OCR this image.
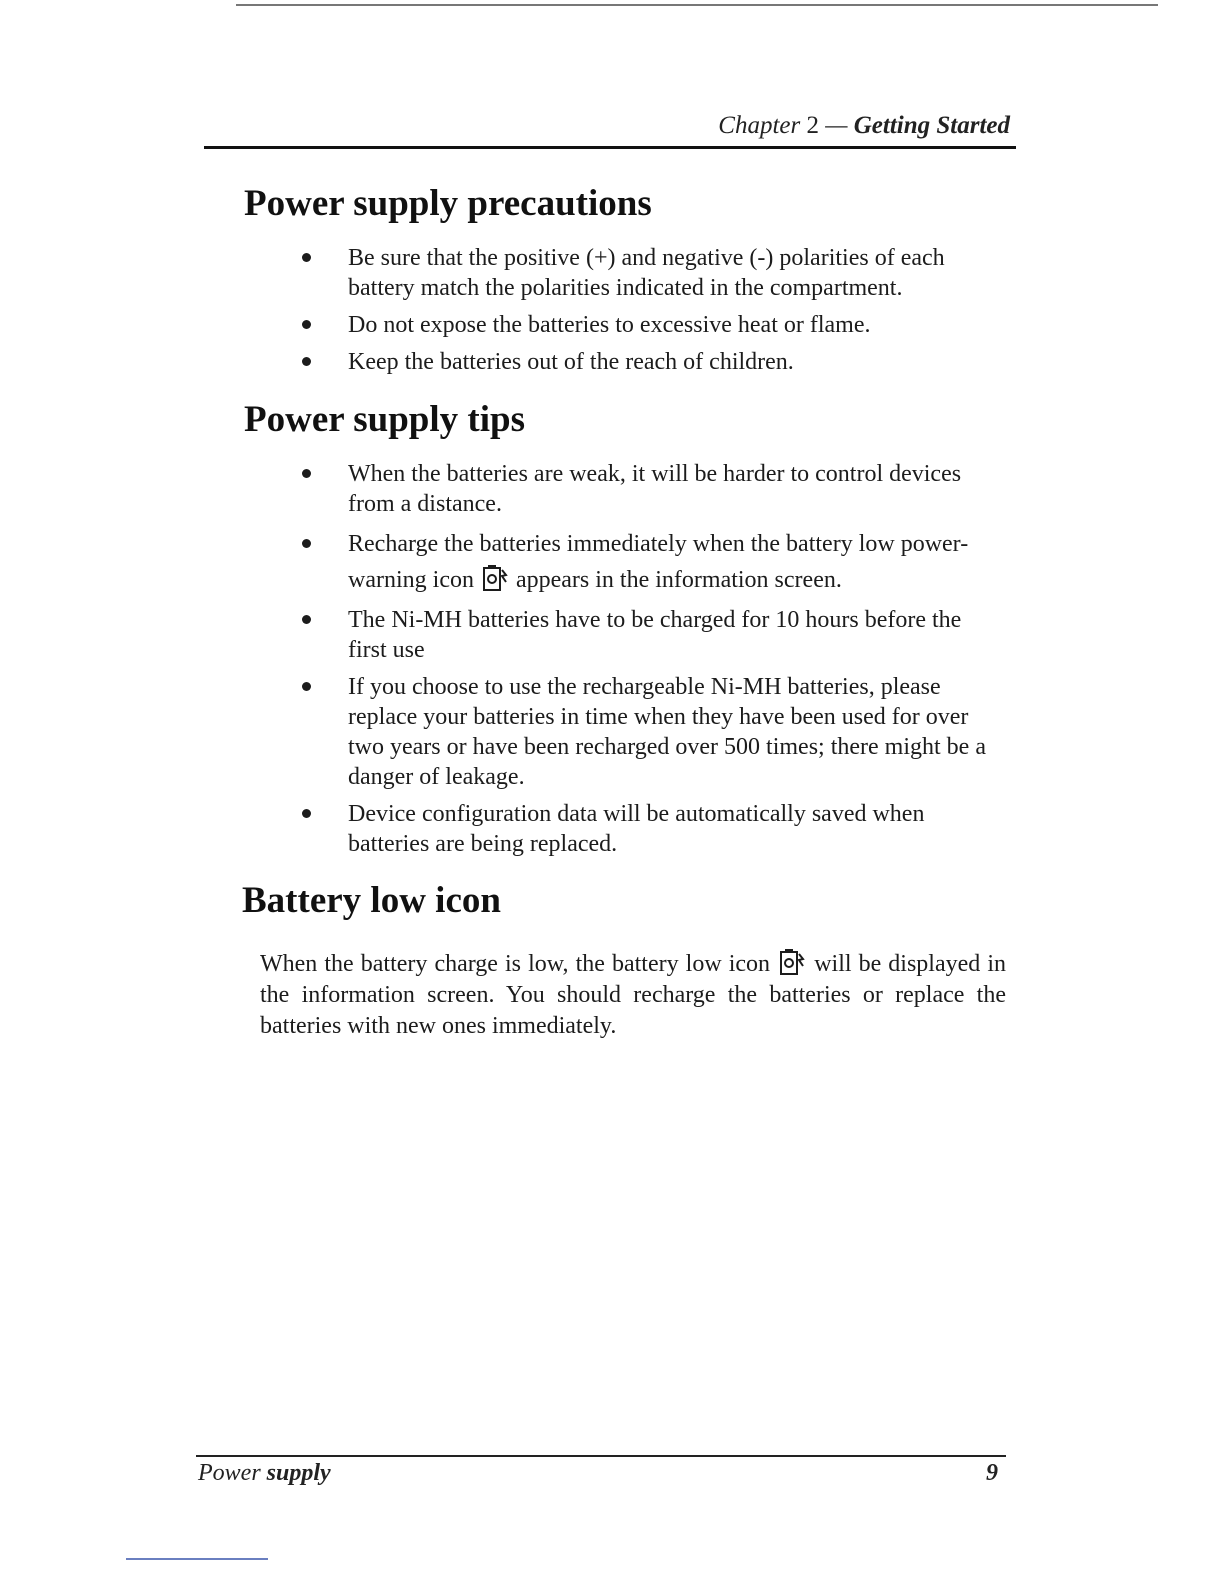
Chapter 2 — Getting Started
Power supply precautions
Be sure that the positive (+) and negative (-) polarities of each battery match the polarities indicated in the compartment.
Do not expose the batteries to excessive heat or flame.
Keep the batteries out of the reach of children.
Power supply tips
When the batteries are weak, it will be harder to control devices from a distance.
Recharge the batteries immediately when the battery low power-warning icon appears in the information screen.
The Ni-MH batteries have to be charged for 10 hours before the first use
If you choose to use the rechargeable Ni-MH batteries, please replace your batteries in time when they have been used for over two years or have been recharged over 500 times; there might be a danger of leakage.
Device configuration data will be automatically saved when batteries are being replaced.
Battery low icon

When the battery charge is low, the battery low icon will be displayed in the information screen. You should recharge the batteries or replace the batteries with new ones immediately.

Power supply	9
